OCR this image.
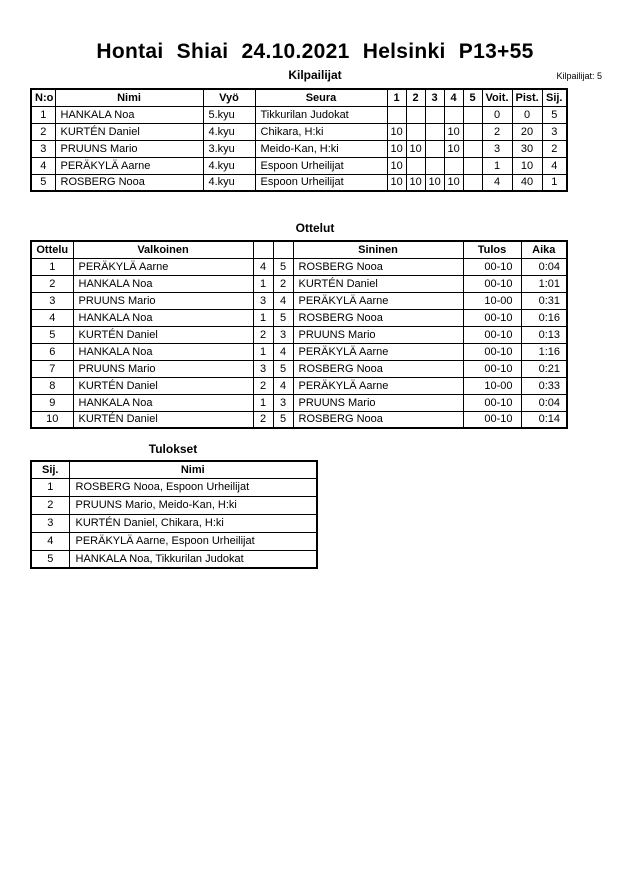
Hontai Shiai 24.10.2021 Helsinki P13+55
Kilpailijat	Kilpailijat: 5
N:o	Nimi	Vyö	Seura	1	2	3	4	5	Voit.	Pist.	Sij.
1	HANKALA Noa	5.kyu	Tikkurilan Judokat						0	0	5
2	KURTÉN Daniel	4.kyu	Chikara, H:ki	10			10		2	20	3
3	PRUUNS Mario	3.kyu	Meido-Kan, H:ki	10	10		10		3	30	2
4	PERÄKYLÄ Aarne	4.kyu	Espoon Urheilijat	10					1	10	4
5	ROSBERG Nooa	4.kyu	Espoon Urheilijat	10	10	10	10		4	40	1
Ottelut
Ottelu	Valkoinen			Sininen	Tulos	Aika
1	PERÄKYLÄ Aarne	4	5	ROSBERG Nooa	00-10	0:04
2	HANKALA Noa	1	2	KURTÉN Daniel	00-10	1:01
3	PRUUNS Mario	3	4	PERÄKYLÄ Aarne	10-00	0:31
4	HANKALA Noa	1	5	ROSBERG Nooa	00-10	0:16
5	KURTÉN Daniel	2	3	PRUUNS Mario	00-10	0:13
6	HANKALA Noa	1	4	PERÄKYLÄ Aarne	00-10	1:16
7	PRUUNS Mario	3	5	ROSBERG Nooa	00-10	0:21
8	KURTÉN Daniel	2	4	PERÄKYLÄ Aarne	10-00	0:33
9	HANKALA Noa	1	3	PRUUNS Mario	00-10	0:04
10	KURTÉN Daniel	2	5	ROSBERG Nooa	00-10	0:14
Tulokset
Sij.	Nimi
1	ROSBERG Nooa, Espoon Urheilijat
2	PRUUNS Mario, Meido-Kan, H:ki
3	KURTÉN Daniel, Chikara, H:ki
4	PERÄKYLÄ Aarne, Espoon Urheilijat
5	HANKALA Noa, Tikkurilan Judokat
